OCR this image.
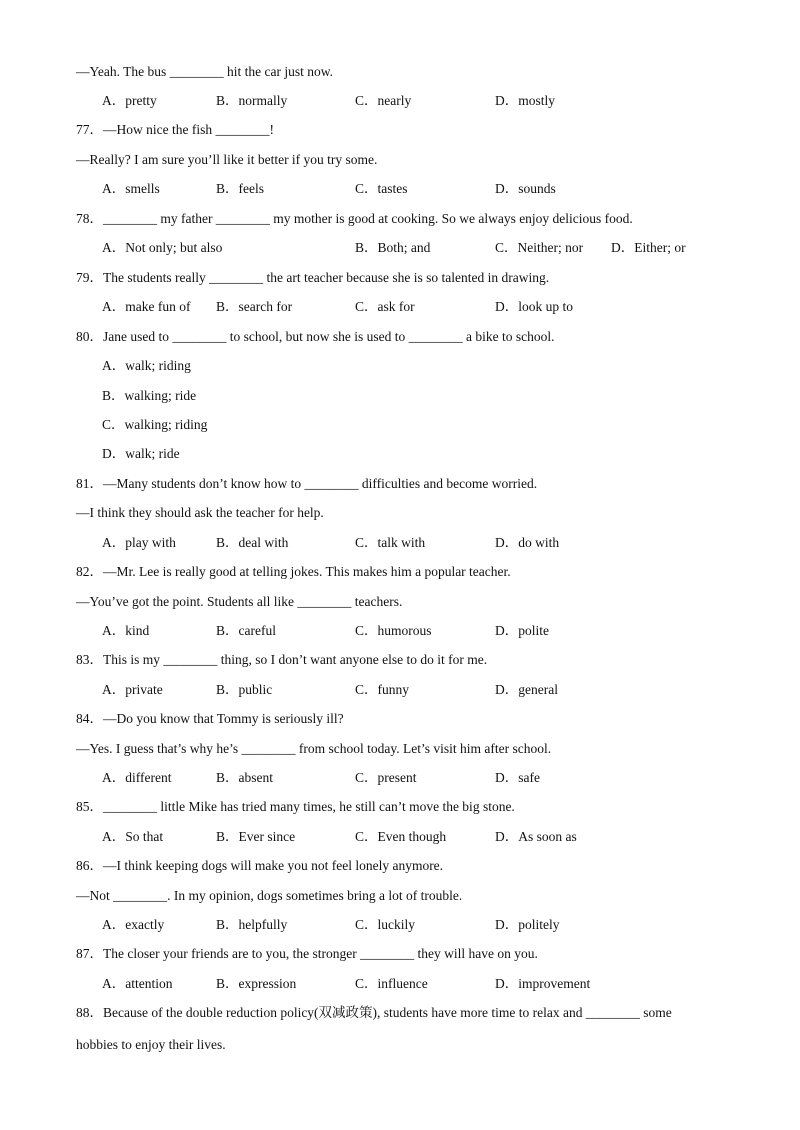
—Yeah. The bus ________ hit the car just now.

A．pretty

	B．normally

	C．nearly

	D．mostly

77．—How nice the fish ________!
—Really? I am sure you’ll like it better if you try some.

A．smells

	B．feels

	C．tastes

	D．sounds

78．________ my father ________ my mother is good at cooking. So we always enjoy delicious food.

A．Not only; but also

	B．Both; and

	C．Neither; nor

D．Either; or

79．The students really ________ the art teacher because she is so talented in drawing.

A．make fun of

B．search for

	C．ask for

	D．look up to

80．Jane used to ________ to school, but now she is used to ________ a bike to school.
A．walk; riding
B．walking; ride
C．walking; riding
D．walk; ride
81．—Many students don’t know how to ________ difficulties and become worried.
—I think they should ask the teacher for help.

A．play with

	B．deal with

	C．talk with

	D．do with

82．—Mr. Lee is really good at telling jokes. This makes him a popular teacher.
—You’ve got the point. Students all like ________ teachers.

A．kind

	B．careful

	C．humorous

	D．polite

83．This is my ________ thing, so I don’t want anyone else to do it for me.

A．private

	B．public

	C．funny

	D．general

84．—Do you know that Tommy is seriously ill?
—Yes. I guess that’s why he’s ________ from school today. Let’s visit him after school.

A．different

	B．absent

	C．present

	D．safe

85．________ little Mike has tried many times, he still can’t move the big stone.

A．So that

	B．Ever since

	C．Even though

	D．As soon as

86．—I think keeping dogs will make you not feel lonely anymore.
—Not ________. In my opinion, dogs sometimes bring a lot of trouble.

A．exactly

	B．helpfully

	C．luckily

	D．politely

87．The closer your friends are to you, the stronger ________ they will have on you.

A．attention

	B．expression

	C．influence

	D．improvement

88．Because of the double reduction policy(双减政策), students have more time to relax and ________ some
hobbies to enjoy their lives.
